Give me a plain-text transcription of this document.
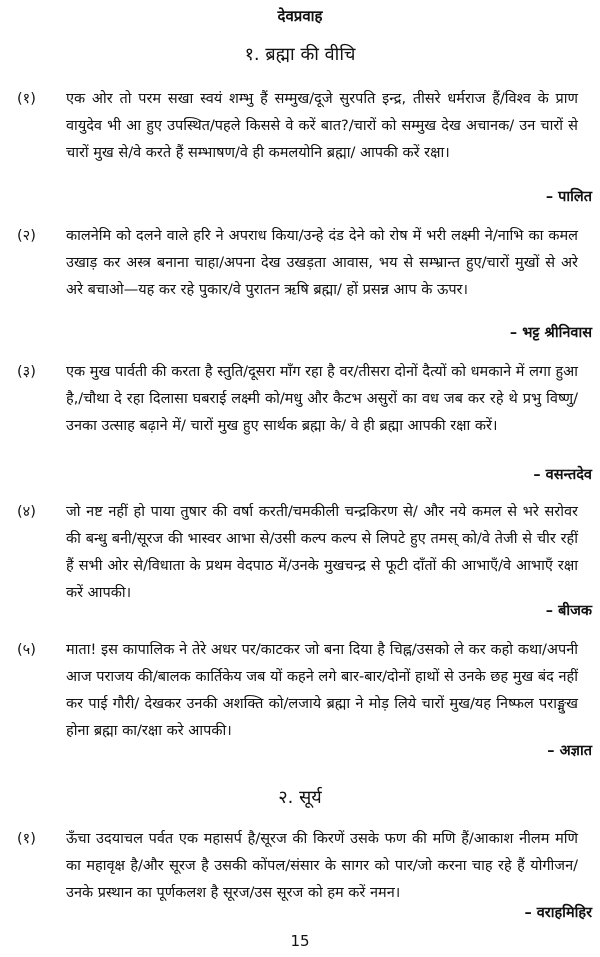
देवप्रवाह
१. ब्रह्मा की वीचि
(१) एक ओर तो परम सखा स्वयं शम्भु हैं सम्मुख/दूजे सुरपति इन्द्र, तीसरे धर्मराज हैं/विश्व के प्राण वायुदेव भी आ हुए उपस्थित/पहले किससे वे करें बात?/चारों को सम्मुख देख अचानक/ उन चारों से चारों मुख से/वे करते हैं सम्भाषण/वे ही कमलयोनि ब्रह्मा/ आपकी करें रक्षा।

– पालित

(२) कालनेमि को दलने वाले हरि ने अपराध किया/उन्हे दंड देने को रोष में भरी लक्ष्मी ने/नाभि का कमल उखाड़ कर अस्त्र बनाना चाहा/अपना देख उखड़ता आवास, भय से सम्भ्रान्त हुए/चारों मुखों से अरे अरे बचाओ—यह कर रहे पुकार/वे पुरातन ऋषि ब्रह्मा/ हों प्रसन्न आप के ऊपर।

– भट्ट श्रीनिवास

(३) एक मुख पार्वती की करता है स्तुति/दूसरा माँग रहा है वर/तीसरा दोनों दैत्यों को धमकाने में लगा हुआ है,/चौथा दे रहा दिलासा घबराई लक्ष्मी को/मधु और कैटभ असुरों का वध जब कर रहे थे प्रभु विष्णु/ उनका उत्साह बढ़ाने में/ चारों मुख हुए सार्थक ब्रह्मा के/ वे ही ब्रह्मा आपकी रक्षा करें।

– वसन्तदेव

(४) जो नष्ट नहीं हो पाया तुषार की वर्षा करती/चमकीली चन्द्रकिरण से/ और नये कमल से भरे सरोवर की बन्धु बनी/सूरज की भास्वर आभा से/उसी कल्प कल्प से लिपटे हुए तमस् को/वे तेजी से चीर रहीं हैं सभी ओर से/विधाता के प्रथम वेदपाठ में/उनके मुखचन्द्र से फूटी दाँतों की आभाएँ/वे आभाएँ रक्षा करें आपकी।

– बीजक

(५) माता! इस कापालिक ने तेरे अधर पर/काटकर जो बना दिया है चिह्न/उसको ले कर कहो कथा/अपनी आज पराजय की/बालक कार्तिकेय जब यों कहने लगे बार-बार/दोनों हाथों से उनके छह मुख बंद नहीं कर पाई गौरी/ देखकर उनकी अशक्ति को/लजाये ब्रह्मा ने मोड़ लिये चारों मुख/यह निष्फल पराङ्मुख होना ब्रह्मा का/रक्षा करे आपकी।

– अज्ञात

२. सूर्य
(१) ऊँचा उदयाचल पर्वत एक महासर्प है/सूरज की किरणें उसके फण की मणि हैं/आकाश नीलम मणि का महावृक्ष है/और सूरज है उसकी कोंपल/संसार के सागर को पार/जो करना चाह रहे हैं योगीजन/उनके प्रस्थान का पूर्णकलश है सूरज/उस सूरज को हम करें नमन।

– वराहमिहिर

15
